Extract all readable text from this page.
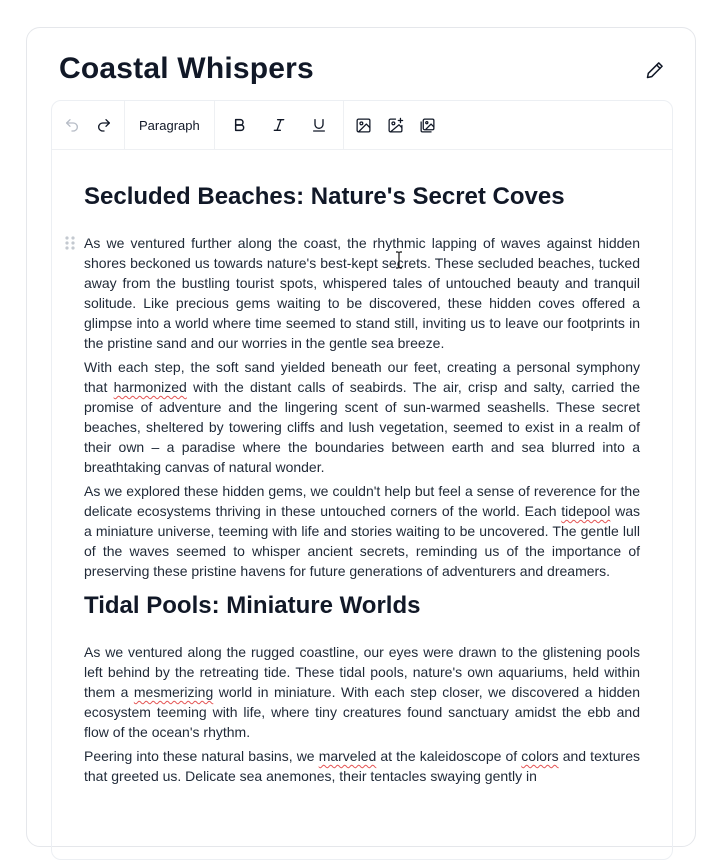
Coastal Whispers
Paragraph
Secluded Beaches: Nature's Secret Coves

As we ventured further along the coast, the rhythmic lapping of waves against hidden shores beckoned us towards nature's best-kept secrets. These secluded beaches, tucked away from the bustling tourist spots, whispered tales of untouched beauty and tranquil solitude. Like precious gems waiting to be discovered, these hidden coves offered a glimpse into a world where time seemed to stand still, inviting us to leave our footprints in the pristine sand and our worries in the gentle sea breeze.

With each step, the soft sand yielded beneath our feet, creating a personal symphony that harmonized with the distant calls of seabirds. The air, crisp and salty, carried the promise of adventure and the lingering scent of sun-warmed seashells. These secret beaches, sheltered by towering cliffs and lush vegetation, seemed to exist in a realm of their own – a paradise where the boundaries between earth and sea blurred into a breathtaking canvas of natural wonder.

As we explored these hidden gems, we couldn't help but feel a sense of reverence for the delicate ecosystems thriving in these untouched corners of the world. Each tidepool was a miniature universe, teeming with life and stories waiting to be uncovered. The gentle lull of the waves seemed to whisper ancient secrets, reminding us of the importance of preserving these pristine havens for future generations of adventurers and dreamers.

Tidal Pools: Miniature Worlds

As we ventured along the rugged coastline, our eyes were drawn to the glistening pools left behind by the retreating tide. These tidal pools, nature's own aquariums, held within them a mesmerizing world in miniature. With each step closer, we discovered a hidden ecosystem teeming with life, where tiny creatures found sanctuary amidst the ebb and flow of the ocean's rhythm.

Peering into these natural basins, we marveled at the kaleidoscope of colors and textures that greeted us. Delicate sea anemones, their tentacles swaying gently in
